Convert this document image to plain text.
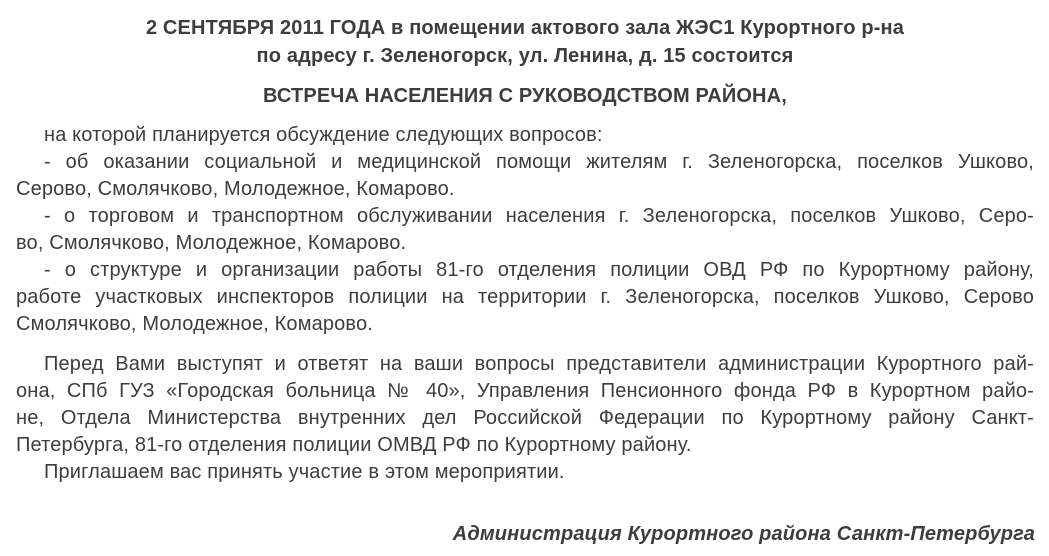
2 СЕНТЯБРЯ 2011 ГОДА в помещении актового зала ЖЭС1 Курортного р-на
по адресу г. Зеленогорск, ул. Ленина, д. 15 состоится
ВСТРЕЧА НАСЕЛЕНИЯ С РУКОВОДСТВОМ РАЙОНА,
на которой планируется обсуждение следующих вопросов:
- об оказании социальной и медицинской помощи жителям г. Зеленогорска, поселков Ушково,
Серово, Смолячково, Молодежное, Комарово.
- о торговом и транспортном обслуживании населения г. Зеленогорска, поселков Ушково, Серо-
во, Смолячково, Молодежное, Комарово.
- о структуре и организации работы 81-го отделения полиции ОВД РФ по Курортному району,
работе участковых инспекторов полиции на территории г. Зеленогорска, поселков Ушково, Серово
Смолячково, Молодежное, Комарово.
Перед Вами выступят и ответят на ваши вопросы представители администрации Курортного рай-
она, СПб ГУЗ «Городская больница № 40», Управления Пенсионного фонда РФ в Курортном райо-
не, Отдела Министерства внутренних дел Российской Федерации по Курортному району Санкт-
Петербурга, 81-го отделения полиции ОМВД РФ по Курортному району.
Приглашаем вас принять участие в этом мероприятии.
Администрация Курортного района Санкт-Петербурга
